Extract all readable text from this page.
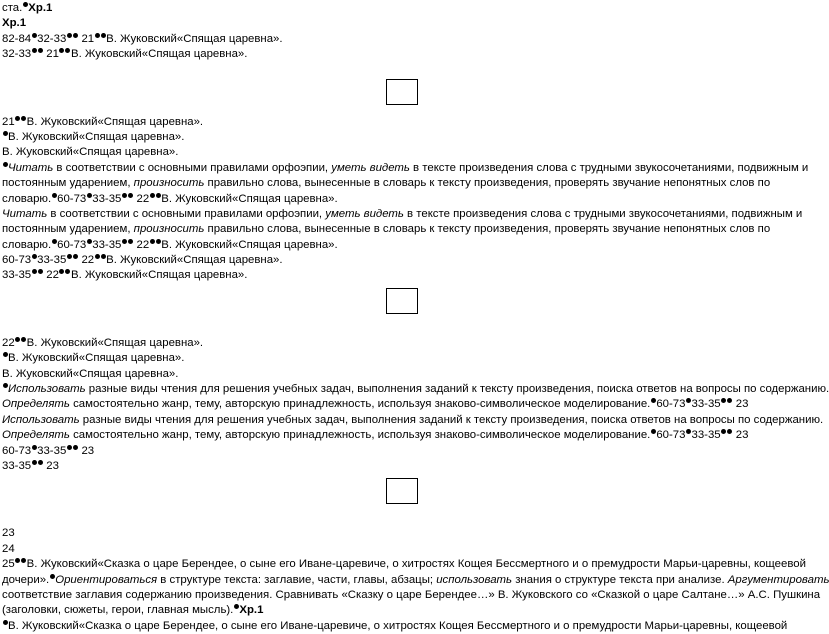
ста. Хр.1
Хр.1
82-84 32-33 21 В. Жуковский«Спящая царевна».
32-33 21 В. Жуковский«Спящая царевна».
21 В. Жуковский«Спящая царевна».
В. Жуковский«Спящая царевна».
В. Жуковский«Спящая царевна».
Читать в соответствии с основными правилами орфоэпии, уметь видеть в тексте произведения слова с трудными звукосочетаниями, подвижным и
постоянным ударением, произносить правильно слова, вынесенные в словарь к тексту произведения, проверять звучание непонятных слов по
словарю. 60-73 33-35 22 В. Жуковский«Спящая царевна».
Читать в соответствии с основными правилами орфоэпии, уметь видеть в тексте произведения слова с трудными звукосочетаниями, подвижным и
постоянным ударением, произносить правильно слова, вынесенные в словарь к тексту произведения, проверять звучание непонятных слов по
словарю. 60-73 33-35 22 В. Жуковский«Спящая царевна».
60-73 33-35 22 В. Жуковский«Спящая царевна».
33-35 22 В. Жуковский«Спящая царевна».
22 В. Жуковский«Спящая царевна».
В. Жуковский«Спящая царевна».
В. Жуковский«Спящая царевна».
Использовать разные виды чтения для решения учебных задач, выполнения заданий к тексту произведения, поиска ответов на вопросы по содержанию.
Определять самостоятельно жанр, тему, авторскую принадлежность, используя знаково-символическое моделирование. 60-73 33-35 23
Использовать разные виды чтения для решения учебных задач, выполнения заданий к тексту произведения, поиска ответов на вопросы по содержанию.
Определять самостоятельно жанр, тему, авторскую принадлежность, используя знаково-символическое моделирование. 60-73 33-35 23
60-73 33-35 23
33-35 23
23
24
25 В. Жуковский«Сказка о царе Берендее, о сыне его Иване-царевиче, о хитростях Кощея Бессмертного и о премудрости Марьи-царевны, кощеевой
дочери». Ориентироваться в структуре текста: заглавие, части, главы, абзацы; использовать знания о структуре текста при анализе. Аргументировать
соответствие заглавия содержанию произведения. Сравнивать «Сказку о царе Берендее…» В. Жуковского со «Сказкой о царе Салтане…» А.С. Пушкина
(заголовки, сюжеты, герои, главная мысль). Хр.1
В. Жуковский«Сказка о царе Берендее, о сыне его Иване-царевиче, о хитростях Кощея Бессмертного и о премудрости Марьи-царевны, кощеевой
